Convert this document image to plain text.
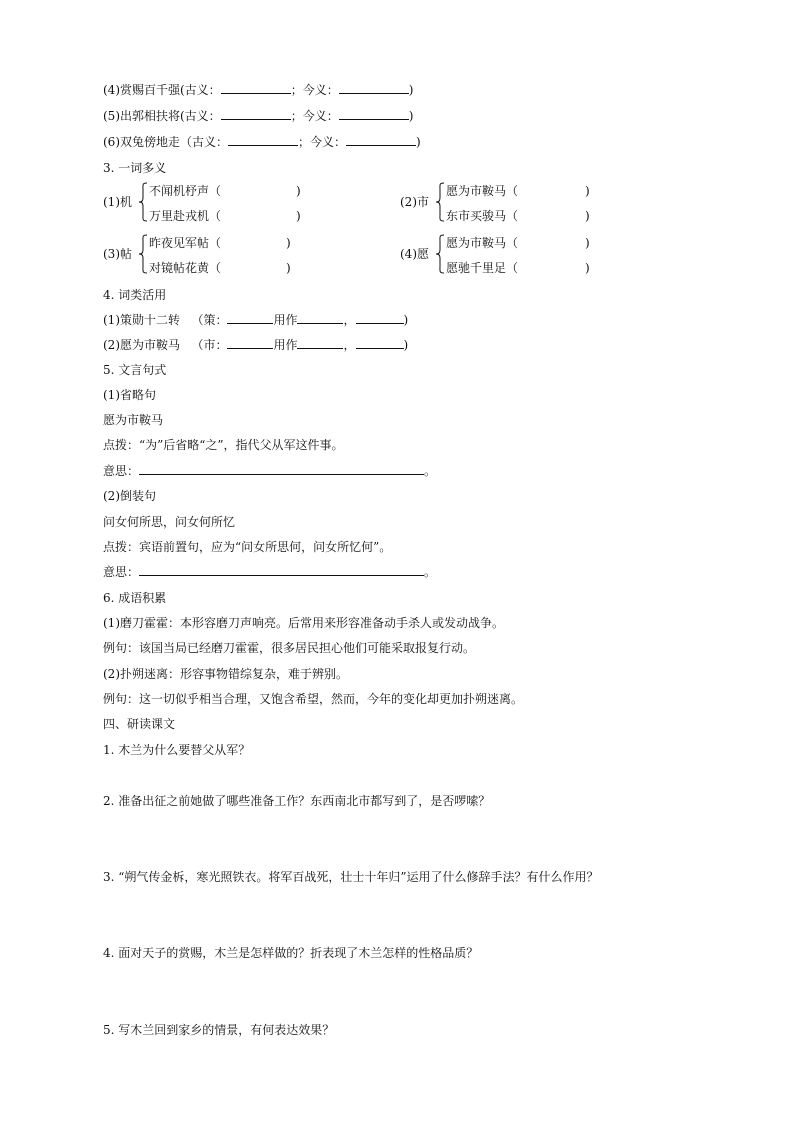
(4)赏赐百千强(古义：	；今义：	)
(5)出郭相扶将(古义：	；今义：	)
(6)双兔傍地走（古义：	；今义：	)
3. 一词多义
(1)机
不闻机杼声（	)
万里赴戎机（	)
(2)市
愿为市鞍马（	)
东市买骏马（	)
(3)帖
昨夜见军帖（	)
对镜帖花黄（	)
(4)愿
愿为市鞍马（	)
愿驰千里足（	)
4. 词类活用
(1)策勋十二转 （策：	用作	，	)
(2)愿为市鞍马 （市：	用作	，	)
5. 文言句式
(1)省略句
愿为市鞍马
点拨：“为”后省略“之”，指代父从军这件事。
意思：	。
(2)倒装句
问女何所思，问女何所忆
点拨：宾语前置句，应为“问女所思何，问女所忆何”。
意思：	。
6. 成语积累
(1)磨刀霍霍：本形容磨刀声响亮。后常用来形容准备动手杀人或发动战争。
例句：该国当局已经磨刀霍霍，很多居民担心他们可能采取报复行动。
(2)扑朔迷离：形容事物错综复杂，难于辨别。
例句：这一切似乎相当合理，又饱含希望，然而，今年的变化却更加扑朔迷离。
四、研读课文
1. 木兰为什么要替父从军？
2. 准备出征之前她做了哪些准备工作？东西南北市都写到了，是否啰嗦？
3. “朔气传金柝，寒光照铁衣。将军百战死，壮士十年归”运用了什么修辞手法？有什么作用？
4. 面对天子的赏赐，木兰是怎样做的？折表现了木兰怎样的性格品质？
5. 写木兰回到家乡的情景，有何表达效果？
